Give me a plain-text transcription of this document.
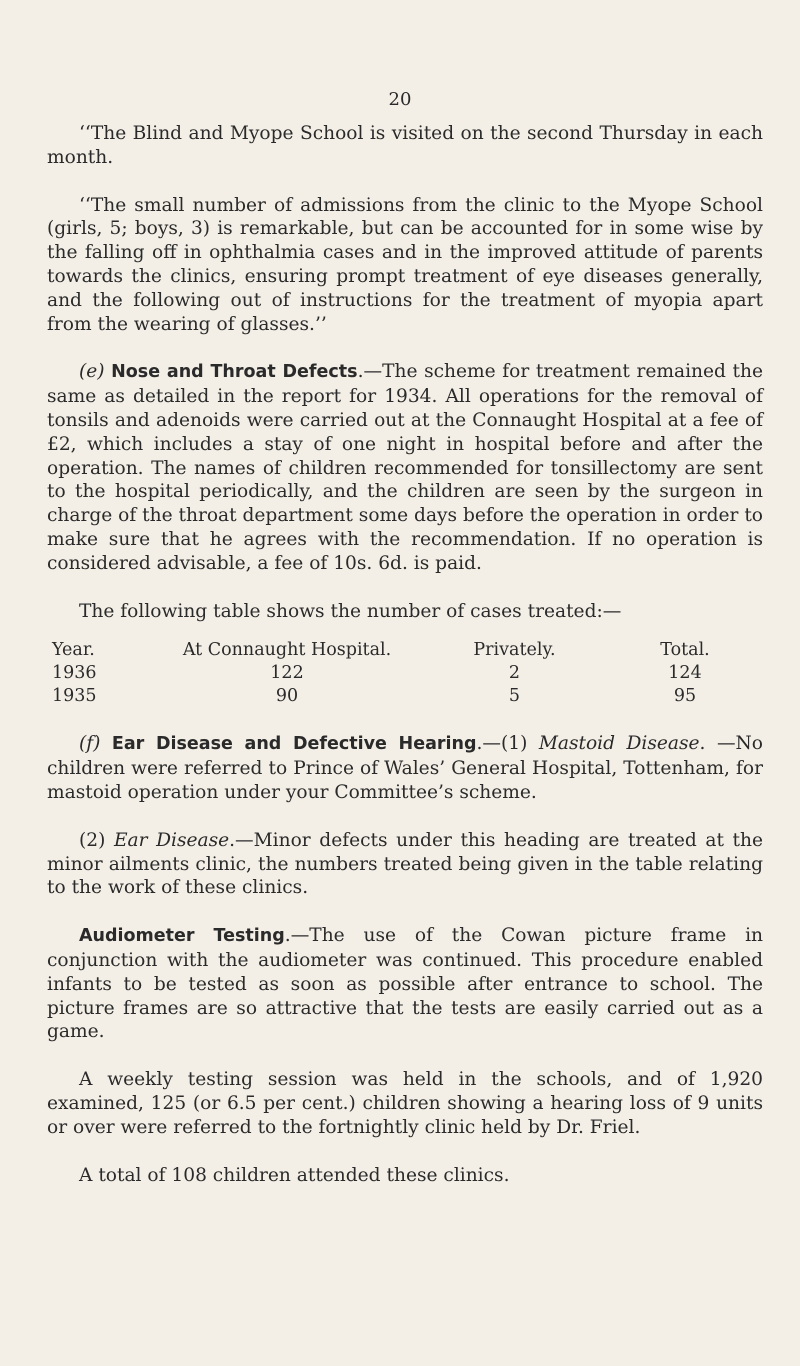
20

‘‘The Blind and Myope School is visited on the second Thursday in each month.

‘‘The small number of admissions from the clinic to the Myope School (girls, 5; boys, 3) is remarkable, but can be accounted for in some wise by the falling off in ophthalmia cases and in the improved attitude of parents towards the clinics, ensuring prompt treatment of eye diseases generally, and the following out of instructions for the treatment of myopia apart from the wearing of glasses.’’

(e) Nose and Throat Defects.—The scheme for treatment remained the same as detailed in the report for 1934. All operations for the removal of tonsils and adenoids were carried out at the Connaught Hospital at a fee of £2, which includes a stay of one night in hospital before and after the operation. The names of children recommended for tonsillectomy are sent to the hospital periodically, and the children are seen by the surgeon in charge of the throat department some days before the operation in order to make sure that he agrees with the recommendation. If no operation is considered advisable, a fee of 10s. 6d. is paid.

The following table shows the number of cases treated:—

Year.	At Connaught Hospital.	Privately.	Total.
1936	122	2	124
1935	90	5	95

(f) Ear Disease and Defective Hearing.—(1) Mastoid Disease. —No children were referred to Prince of Wales’ General Hospital, Tottenham, for mastoid operation under your Committee’s scheme.

(2) Ear Disease.—Minor defects under this heading are treated at the minor ailments clinic, the numbers treated being given in the table relating to the work of these clinics.

Audiometer Testing.—The use of the Cowan picture frame in conjunction with the audiometer was continued. This procedure enabled infants to be tested as soon as possible after entrance to school. The picture frames are so attractive that the tests are easily carried out as a game.

A weekly testing session was held in the schools, and of 1,920 examined, 125 (or 6.5 per cent.) children showing a hearing loss of 9 units or over were referred to the fortnightly clinic held by Dr. Friel.

A total of 108 children attended these clinics.
